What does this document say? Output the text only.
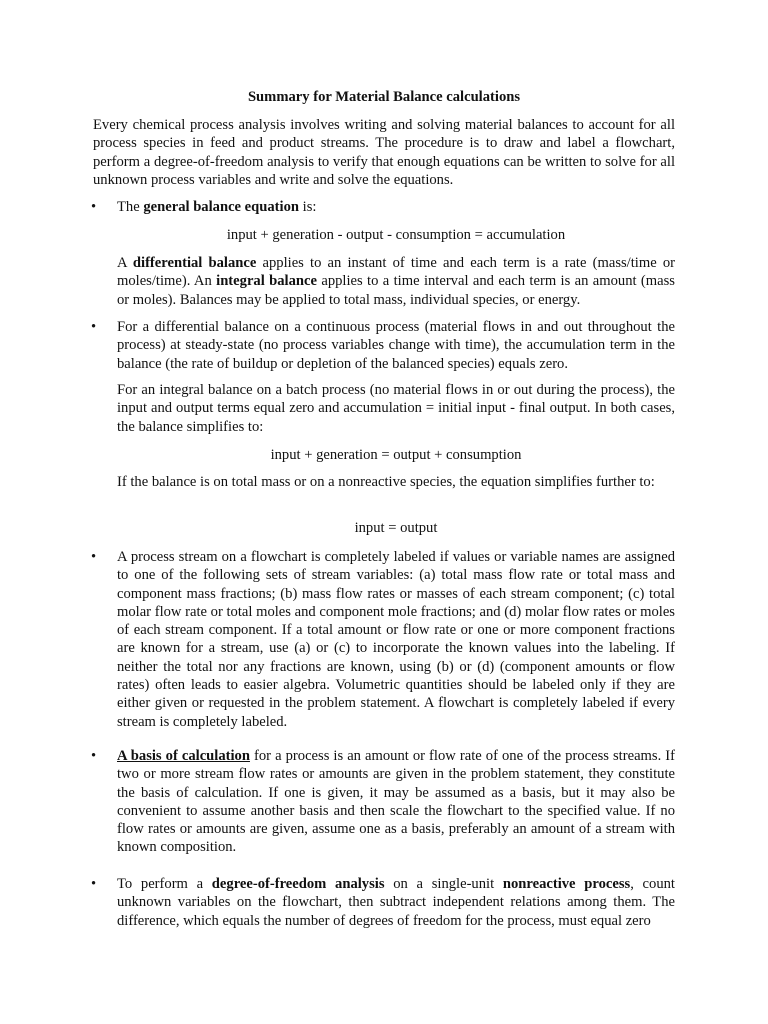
Summary for Material Balance calculations

Every chemical process analysis involves writing and solving material balances to account for all process species in feed and product streams. The procedure is to draw and label a flowchart, perform a degree-of-freedom analysis to verify that enough equations can be written to solve for all unknown process variables and write and solve the equations.

•	The general balance equation is:

input + generation - output - consumption = accumulation

A differential balance applies to an instant of time and each term is a rate (mass/time or moles/time). An integral balance applies to a time interval and each term is an amount (mass or moles). Balances may be applied to total mass, individual species, or energy.

•	For a differential balance on a continuous process (material flows in and out throughout the process) at steady-state (no process variables change with time), the accumulation term in the balance (the rate of buildup or depletion of the balanced species) equals zero.

For an integral balance on a batch process (no material flows in or out during the process), the input and output terms equal zero and accumulation = initial input - final output. In both cases, the balance simplifies to:

input + generation = output + consumption

If the balance is on total mass or on a nonreactive species, the equation simplifies further to:

input = output

•	A process stream on a flowchart is completely labeled if values or variable names are assigned to one of the following sets of stream variables: (a) total mass flow rate or total mass and component mass fractions; (b) mass flow rates or masses of each stream component; (c) total molar flow rate or total moles and component mole fractions; and (d) molar flow rates or moles of each stream component. If a total amount or flow rate or one or more component fractions are known for a stream, use (a) or (c) to incorporate the known values into the labeling. If neither the total nor any fractions are known, using (b) or (d) (component amounts or flow rates) often leads to easier algebra. Volumetric quantities should be labeled only if they are either given or requested in the problem statement. A flowchart is completely labeled if every stream is completely labeled.

•	A basis of calculation for a process is an amount or flow rate of one of the process streams. If two or more stream flow rates or amounts are given in the problem statement, they constitute the basis of calculation. If one is given, it may be assumed as a basis, but it may also be convenient to assume another basis and then scale the flowchart to the specified value. If no flow rates or amounts are given, assume one as a basis, preferably an amount of a stream with known composition.

•	To perform a degree-of-freedom analysis on a single-unit nonreactive process, count unknown variables on the flowchart, then subtract independent relations among them. The difference, which equals the number of degrees of freedom for the process, must equal zero
